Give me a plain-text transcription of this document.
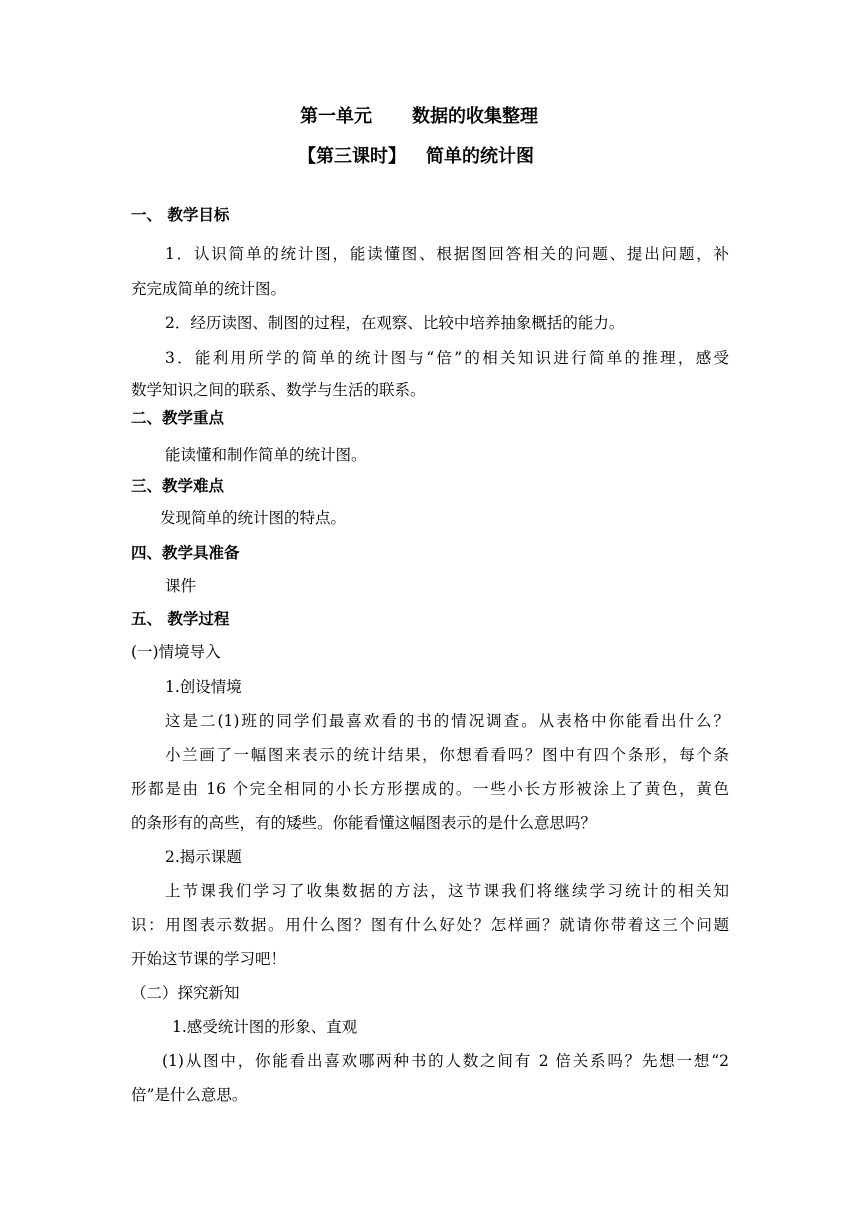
第一单元 数据的收集整理
【第三课时】 简单的统计图
一、 教学目标
1．认识简单的统计图，能读懂图、根据图回答相关的问题、提出问题，补
充完成简单的统计图。
2．经历读图、制图的过程，在观察、比较中培养抽象概括的能力。
3．能利用所学的简单的统计图与“倍”的相关知识进行简单的推理，感受
数学知识之间的联系、数学与生活的联系。
二、教学重点
能读懂和制作简单的统计图。
三、教学难点
发现简单的统计图的特点。
四、教学具准备
课件
五、 教学过程
(一)情境导入
1.创设情境
这是二(1)班的同学们最喜欢看的书的情况调查。从表格中你能看出什么？
小兰画了一幅图来表示的统计结果，你想看看吗？图中有四个条形，每个条
形都是由 16 个完全相同的小长方形摆成的。一些小长方形被涂上了黄色，黄色
的条形有的高些，有的矮些。你能看懂这幅图表示的是什么意思吗？
2.揭示课题
上节课我们学习了收集数据的方法，这节课我们将继续学习统计的相关知
识：用图表示数据。用什么图？图有什么好处？怎样画？就请你带着这三个问题
开始这节课的学习吧！
（二）探究新知
1.感受统计图的形象、直观
(1)从图中，你能看出喜欢哪两种书的人数之间有 2 倍关系吗？先想一想“2
倍”是什么意思。
